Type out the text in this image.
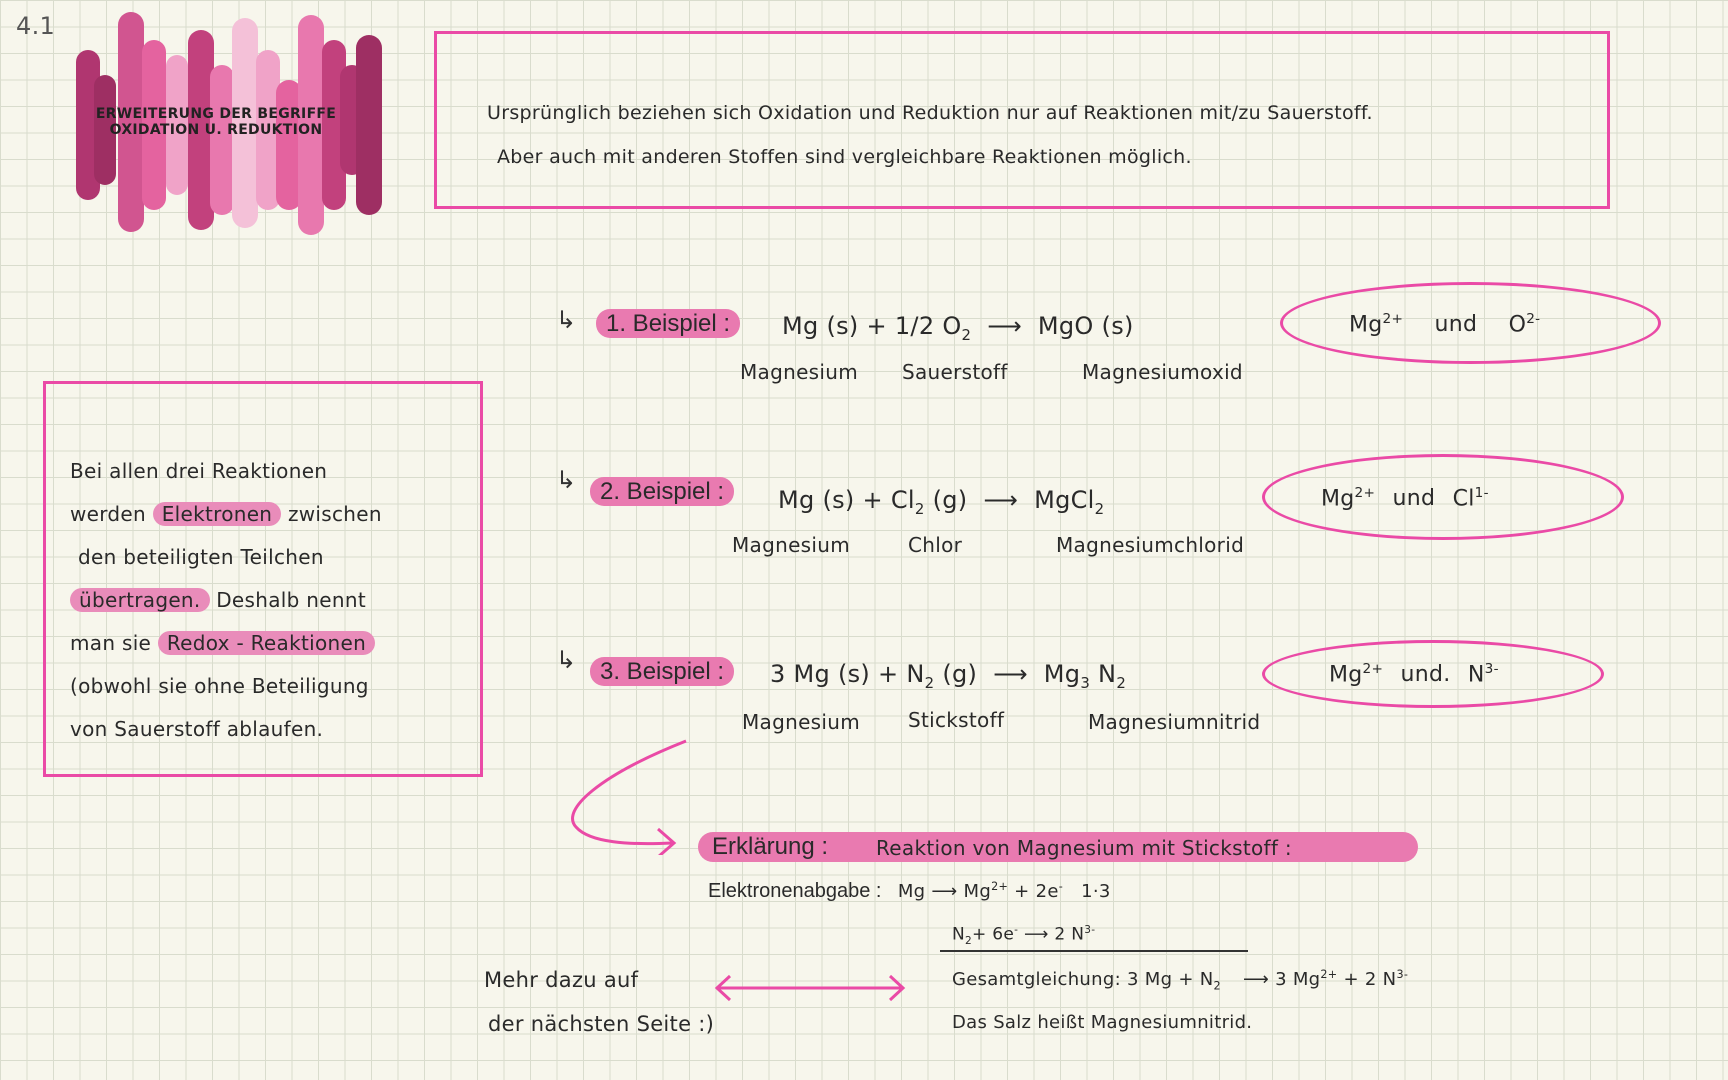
4.1
ERWEITERUNG DER BEGRIFFE
OXIDATION U. REDUKTION
Ursprünglich beziehen sich Oxidation und Reduktion nur auf Reaktionen mit/zu Sauerstoff.
Aber auch mit anderen Stoffen sind vergleichbare Reaktionen möglich.
Bei allen drei Reaktionen
werden Elektronen zwischen
den beteiligten Teilchen
übertragen. Deshalb nennt
man sie Redox - Reaktionen
(obwohl sie ohne Beteiligung
von Sauerstoff ablaufen.
↳	1. Beispiel :	Mg (s) + 1/2 $O_2$ ⟶ MgO (s)
Magnesium Sauerstoff	Magnesiumoxid
$Mg^{2+}$ und $O^{2-}$
↳ 2. Beispiel :	Mg $(s) + Cl_2$ (g) ⟶ MgCl$_2$
Magnesium	Chlor	Magnesiumchlorid
$Mg^{2+}$ und $Cl^{1-}$
↳ 3. Beispiel :	3 Mg $(s) + N_2$ (g) ⟶ $Mg_3$ $N_2$
Magnesium Stickstoff	Magnesiumnitrid
$Mg^{2+}$ und. $N^{3-}$
Erklärung : Reaktion von Magnesium mit Stickstoff :
Elektronenabgabe : Mg ⟶ $Mg^{2+} + 2e^-$ 1·3
$N_2+ 6e^-$ ⟶ 2 $N^{3-}$
Gesamtgleichung: 3 $Mg + N_2$ ⟶ 3 $Mg^{2+} + 2$ $N^{3-}$
Das Salz heißt Magnesiumnitrid.
Mehr dazu auf
der nächsten Seite :)
